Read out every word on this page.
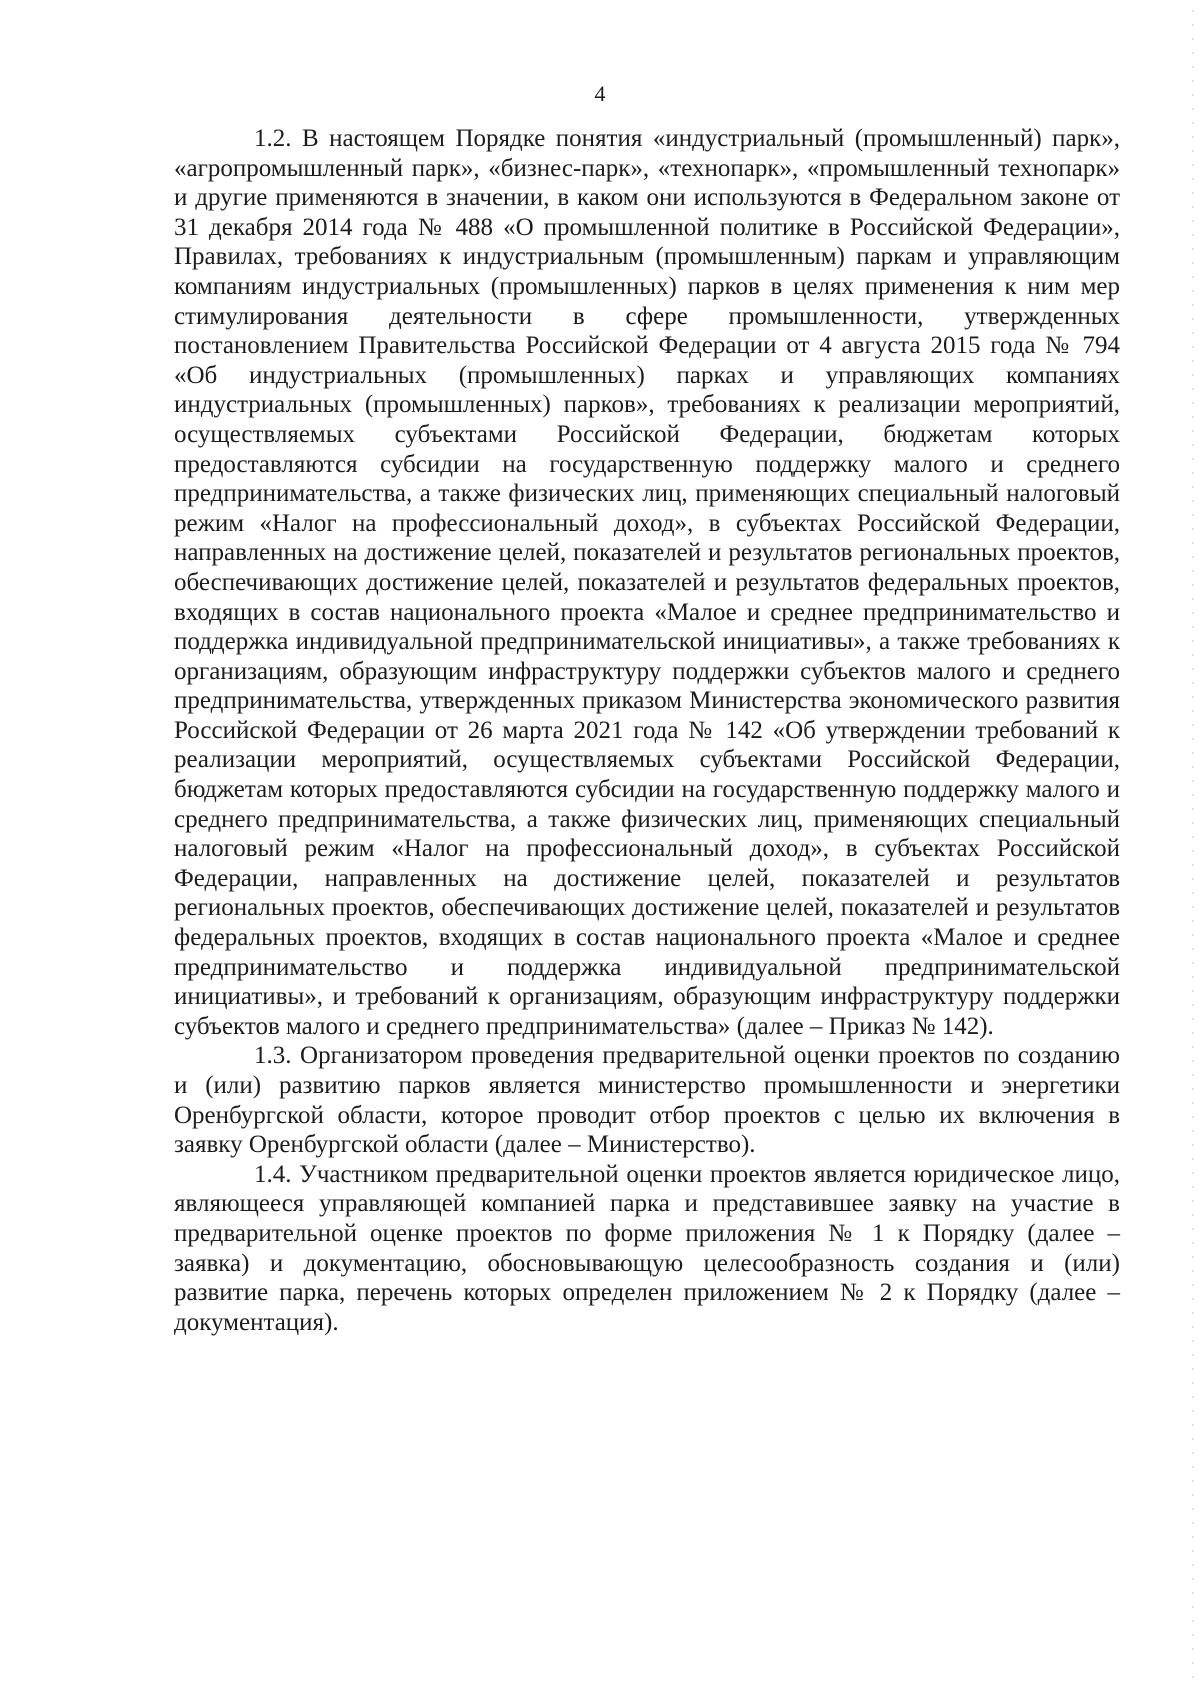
4

1.2. В настоящем Порядке понятия «индустриальный (промышленный) парк», «агропромышленный парк», «бизнес-парк», «технопарк», «промышленный технопарк» и другие применяются в значении, в каком они используются в Федеральном законе от 31 декабря 2014 года № 488 «О промышленной политике в Российской Федерации», Правилах, требованиях к индустриальным (промышленным) паркам и управляющим компаниям индустриальных (промышленных) парков в целях применения к ним мер стимулирования деятельности в сфере промышленности, утвержденных постановлением Правительства Российской Федерации от 4 августа 2015 года № 794 «Об индустриальных (промышленных) парках и управляющих компаниях индустриальных (промышленных) парков», требованиях к реализации мероприятий, осуществляемых субъектами Российской Федерации, бюджетам которых предоставляются субсидии на государственную поддержку малого и среднего предпринимательства, а также физических лиц, применяющих специальный налоговый режим «Налог на профессиональный доход», в субъектах Российской Федерации, направленных на достижение целей, показателей и результатов региональных проектов, обеспечивающих достижение целей, показателей и результатов федеральных проектов, входящих в состав национального проекта «Малое и среднее предпринимательство и поддержка индивидуальной предпринимательской инициативы», а также требованиях к организациям, образующим инфраструктуру поддержки субъектов малого и среднего предпринимательства, утвержденных приказом Министерства экономического развития Российской Федерации от 26 марта 2021 года № 142 «Об утверждении требований к реализации мероприятий, осуществляемых субъектами Российской Федерации, бюджетам которых предоставляются субсидии на государственную поддержку малого и среднего предпринимательства, а также физических лиц, применяющих специальный налоговый режим «Налог на профессиональный доход», в субъектах Российской Федерации, направленных на достижение целей, показателей и результатов региональных проектов, обеспечивающих достижение целей, показателей и результатов федеральных проектов, входящих в состав национального проекта «Малое и среднее предпринимательство и поддержка индивидуальной предпринимательской инициативы», и требований к организациям, образующим инфраструктуру поддержки субъектов малого и среднего предпринимательства» (далее – Приказ № 142).

1.3. Организатором проведения предварительной оценки проектов по созданию и (или) развитию парков является министерство промышленности и энергетики Оренбургской области, которое проводит отбор проектов с целью их включения в заявку Оренбургской области (далее – Министерство).

1.4. Участником предварительной оценки проектов является юридическое лицо, являющееся управляющей компанией парка и представившее заявку на участие в предварительной оценке проектов по форме приложения № 1 к Порядку (далее – заявка) и документацию, обосновывающую целесообразность создания и (или) развитие парка, перечень которых определен приложением № 2 к Порядку (далее – документация).
